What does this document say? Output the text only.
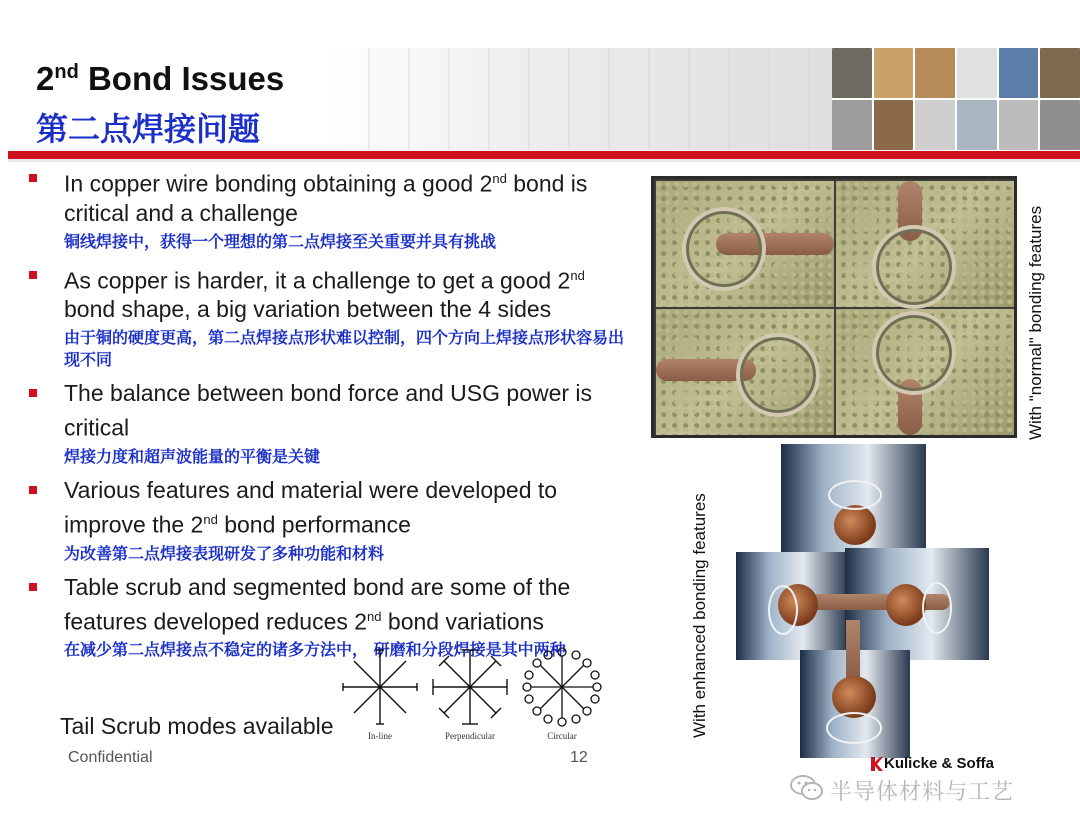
2nd Bond Issues
第二点焊接问题
In copper wire bonding obtaining a good 2nd bond is critical and a challenge
铜线焊接中，获得一个理想的第二点焊接至关重要并具有挑战
As copper is harder, it a challenge to get a good 2nd bond shape, a big variation between the 4 sides
由于铜的硬度更高，第二点焊接点形状难以控制，四个方向上焊接点形状容易出现不同
The balance between bond force and USG power is critical
焊接力度和超声波能量的平衡是关键
Various features and material were developed to improve the 2nd bond performance
为改善第二点焊接表现研发了多种功能和材料
Table scrub and segmented bond are some of the features developed reduces 2nd bond variations
在减少第二点焊接点不稳定的诸多方法中， 研磨和分段焊接是其中两种
Tail Scrub modes available	In-line	Perpendicular	Circular
Confidential	12
With "normal" bonding features
With enhanced bonding features
Kulicke & Soffa
半导体材料与工艺
